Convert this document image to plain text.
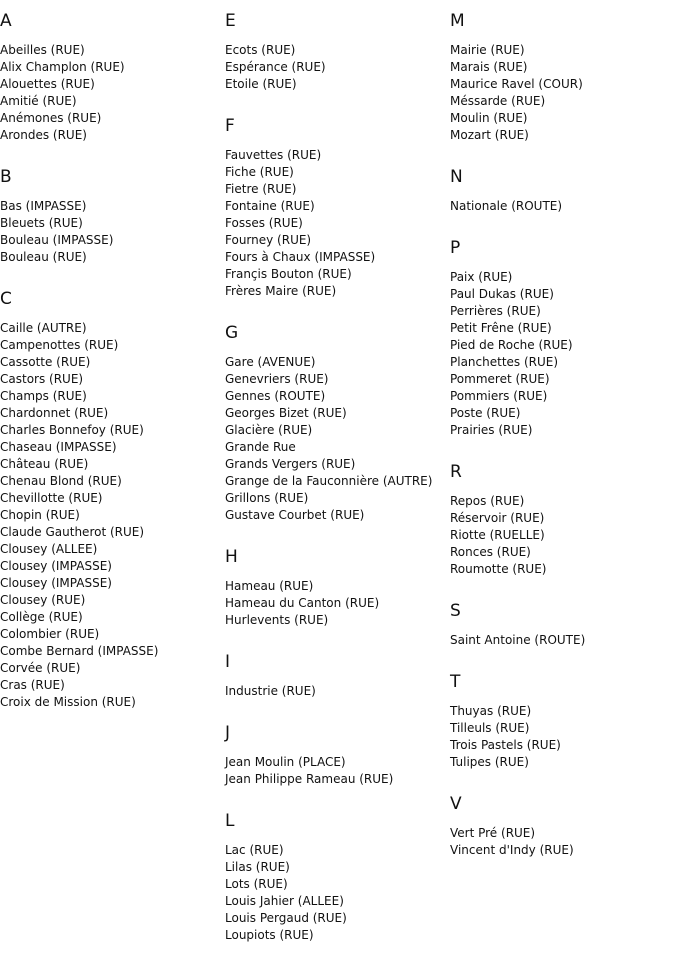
A
Abeilles (RUE)
Alix Champlon (RUE)
Alouettes (RUE)
Amitié (RUE)
Anémones (RUE)
Arondes (RUE)
B
Bas (IMPASSE)
Bleuets (RUE)
Bouleau (IMPASSE)
Bouleau (RUE)
C
Caille (AUTRE)
Campenottes (RUE)
Cassotte (RUE)
Castors (RUE)
Champs (RUE)
Chardonnet (RUE)
Charles Bonnefoy (RUE)
Chaseau (IMPASSE)
Château (RUE)
Chenau Blond (RUE)
Chevillotte (RUE)
Chopin (RUE)
Claude Gautherot (RUE)
Clousey (ALLEE)
Clousey (IMPASSE)
Clousey (IMPASSE)
Clousey (RUE)
Collège (RUE)
Colombier (RUE)
Combe Bernard (IMPASSE)
Corvée (RUE)
Cras (RUE)
Croix de Mission (RUE)
E
Ecots (RUE)
Espérance (RUE)
Etoile (RUE)
F
Fauvettes (RUE)
Fiche (RUE)
Fietre (RUE)
Fontaine (RUE)
Fosses (RUE)
Fourney (RUE)
Fours à Chaux (IMPASSE)
Françis Bouton (RUE)
Frères Maire (RUE)
G
Gare (AVENUE)
Genevriers (RUE)
Gennes (ROUTE)
Georges Bizet (RUE)
Glacière (RUE)
Grande Rue
Grands Vergers (RUE)
Grange de la Fauconnière (AUTRE)
Grillons (RUE)
Gustave Courbet (RUE)
H
Hameau (RUE)
Hameau du Canton (RUE)
Hurlevents (RUE)
I
Industrie (RUE)
J
Jean Moulin (PLACE)
Jean Philippe Rameau (RUE)
L
Lac (RUE)
Lilas (RUE)
Lots (RUE)
Louis Jahier (ALLEE)
Louis Pergaud (RUE)
Loupiots (RUE)
M
Mairie (RUE)
Marais (RUE)
Maurice Ravel (COUR)
Méssarde (RUE)
Moulin (RUE)
Mozart (RUE)
N
Nationale (ROUTE)
P
Paix (RUE)
Paul Dukas (RUE)
Perrières (RUE)
Petit Frêne (RUE)
Pied de Roche (RUE)
Planchettes (RUE)
Pommeret (RUE)
Pommiers (RUE)
Poste (RUE)
Prairies (RUE)
R
Repos (RUE)
Réservoir (RUE)
Riotte (RUELLE)
Ronces (RUE)
Roumotte (RUE)
S
Saint Antoine (ROUTE)
T
Thuyas (RUE)
Tilleuls (RUE)
Trois Pastels (RUE)
Tulipes (RUE)
V
Vert Pré (RUE)
Vincent d'Indy (RUE)
